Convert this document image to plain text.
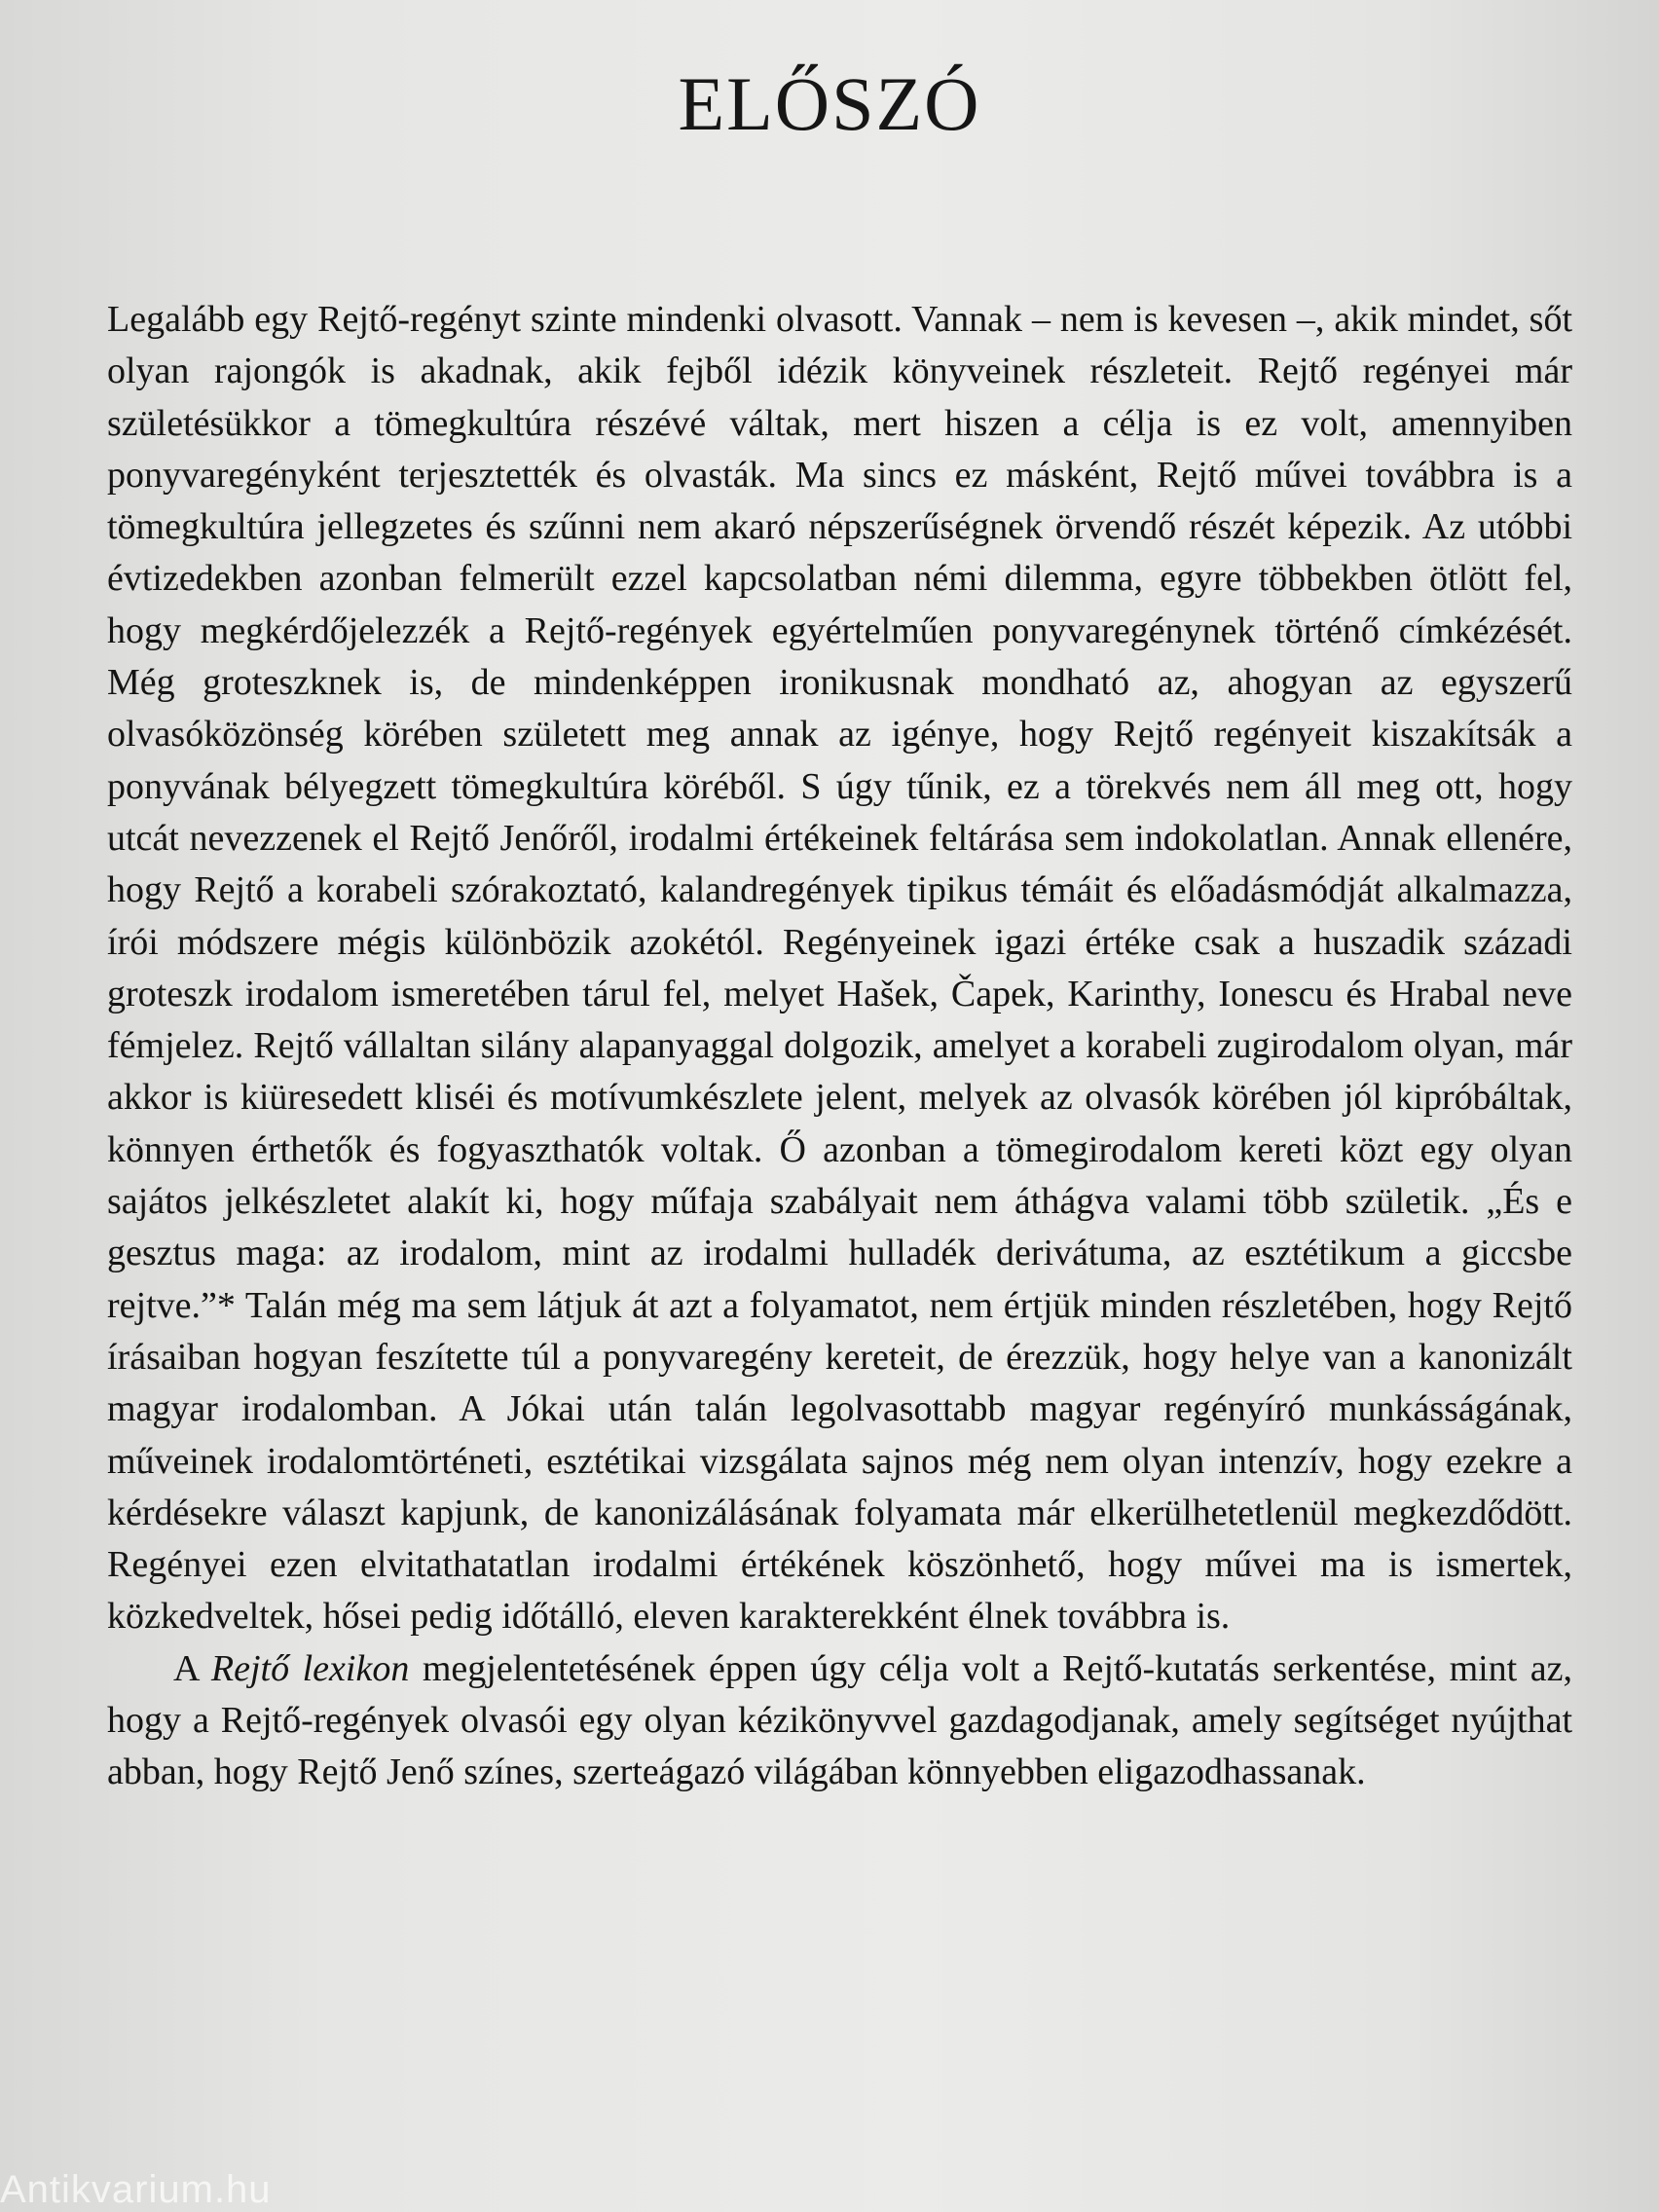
ELŐSZÓ

Legalább egy Rejtő-regényt szinte mindenki olvasott. Vannak – nem is kevesen –, akik mindet, sőt olyan rajongók is akadnak, akik fejből idézik könyveinek részleteit. Rejtő regényei már születésükkor a tömegkultúra részévé váltak, mert hiszen a célja is ez volt, amennyiben ponyvaregényként terjesztették és olvasták. Ma sincs ez másként, Rejtő művei továbbra is a tömegkultúra jellegzetes és szűnni nem akaró népszerűségnek örvendő részét képezik. Az utóbbi évtizedekben azonban felmerült ezzel kapcsolatban némi dilemma, egyre többekben ötlött fel, hogy megkérdőjelezzék a Rejtő-regények egyértelműen ponyvaregénynek történő címkézését. Még groteszknek is, de mindenképpen ironikusnak mondható az, ahogyan az egyszerű olvasóközönség körében született meg annak az igénye, hogy Rejtő regényeit kiszakítsák a ponyvának bélyegzett tömegkultúra köréből. S úgy tűnik, ez a törekvés nem áll meg ott, hogy utcát nevezzenek el Rejtő Jenőről, irodalmi értékeinek feltárása sem indokolatlan. Annak ellenére, hogy Rejtő a korabeli szórakoztató, kalandregények tipikus témáit és előadásmódját alkalmazza, írói módszere mégis különbözik azokétól. Regényeinek igazi értéke csak a huszadik századi groteszk irodalom ismeretében tárul fel, melyet Hašek, Čapek, Karinthy, Ionescu és Hrabal neve fémjelez. Rejtő vállaltan silány alapanyaggal dolgozik, amelyet a korabeli zugirodalom olyan, már akkor is kiüresedett kliséi és motívumkészlete jelent, melyek az olvasók körében jól kipróbáltak, könnyen érthetők és fogyaszthatók voltak. Ő azonban a tömegirodalom kereti közt egy olyan sajátos jelkészletet alakít ki, hogy műfaja szabályait nem áthágva valami több születik. „És e gesztus maga: az irodalom, mint az irodalmi hulladék derivátuma, az esztétikum a giccsbe rejtve.”* Talán még ma sem látjuk át azt a folyamatot, nem értjük minden részletében, hogy Rejtő írásaiban hogyan feszítette túl a ponyvaregény kereteit, de érezzük, hogy helye van a kanonizált magyar irodalomban. A Jókai után talán legolvasottabb magyar regényíró munkásságának, műveinek irodalomtörténeti, esztétikai vizsgálata sajnos még nem olyan intenzív, hogy ezekre a kérdésekre választ kapjunk, de kanonizálásának folyamata már elkerülhetetlenül megkezdődött. Regényei ezen elvitathatatlan irodalmi értékének köszönhető, hogy művei ma is ismertek, közkedveltek, hősei pedig időtálló, eleven karakterekként élnek továbbra is.

A Rejtő lexikon megjelentetésének éppen úgy célja volt a Rejtő-kutatás serkentése, mint az, hogy a Rejtő-regények olvasói egy olyan kézikönyvvel gazdagodjanak, amely segítséget nyújthat abban, hogy Rejtő Jenő színes, szerteágazó világában könnyebben eligazodhassanak.

Antikvarium.hu
